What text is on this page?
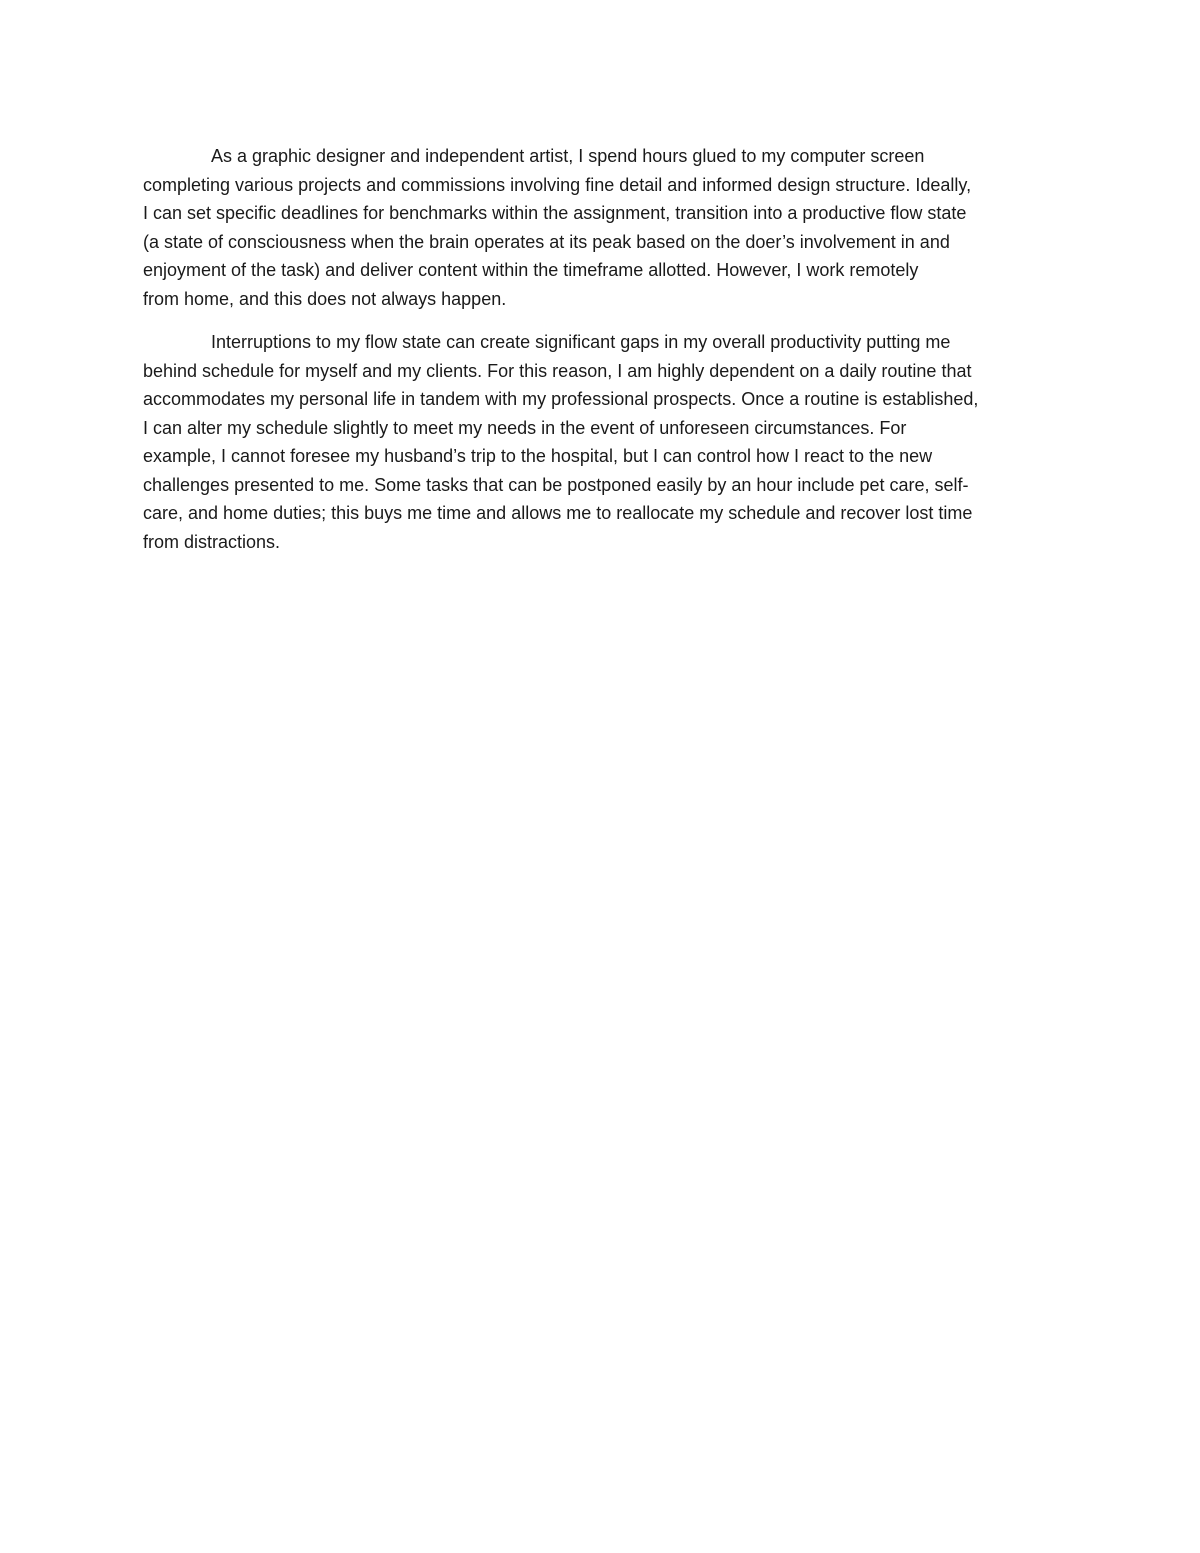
As a graphic designer and independent artist, I spend hours glued to my computer screen
completing various projects and commissions involving fine detail and informed design structure. Ideally,
I can set specific deadlines for benchmarks within the assignment, transition into a productive flow state
(a state of consciousness when the brain operates at its peak based on the doer’s involvement in and
enjoyment of the task) and deliver content within the timeframe allotted. However, I work remotely
from home, and this does not always happen.
Interruptions to my flow state can create significant gaps in my overall productivity putting me
behind schedule for myself and my clients. For this reason, I am highly dependent on a daily routine that
accommodates my personal life in tandem with my professional prospects. Once a routine is established,
I can alter my schedule slightly to meet my needs in the event of unforeseen circumstances. For
example, I cannot foresee my husband’s trip to the hospital, but I can control how I react to the new
challenges presented to me. Some tasks that can be postponed easily by an hour include pet care, self-
care, and home duties; this buys me time and allows me to reallocate my schedule and recover lost time
from distractions.
